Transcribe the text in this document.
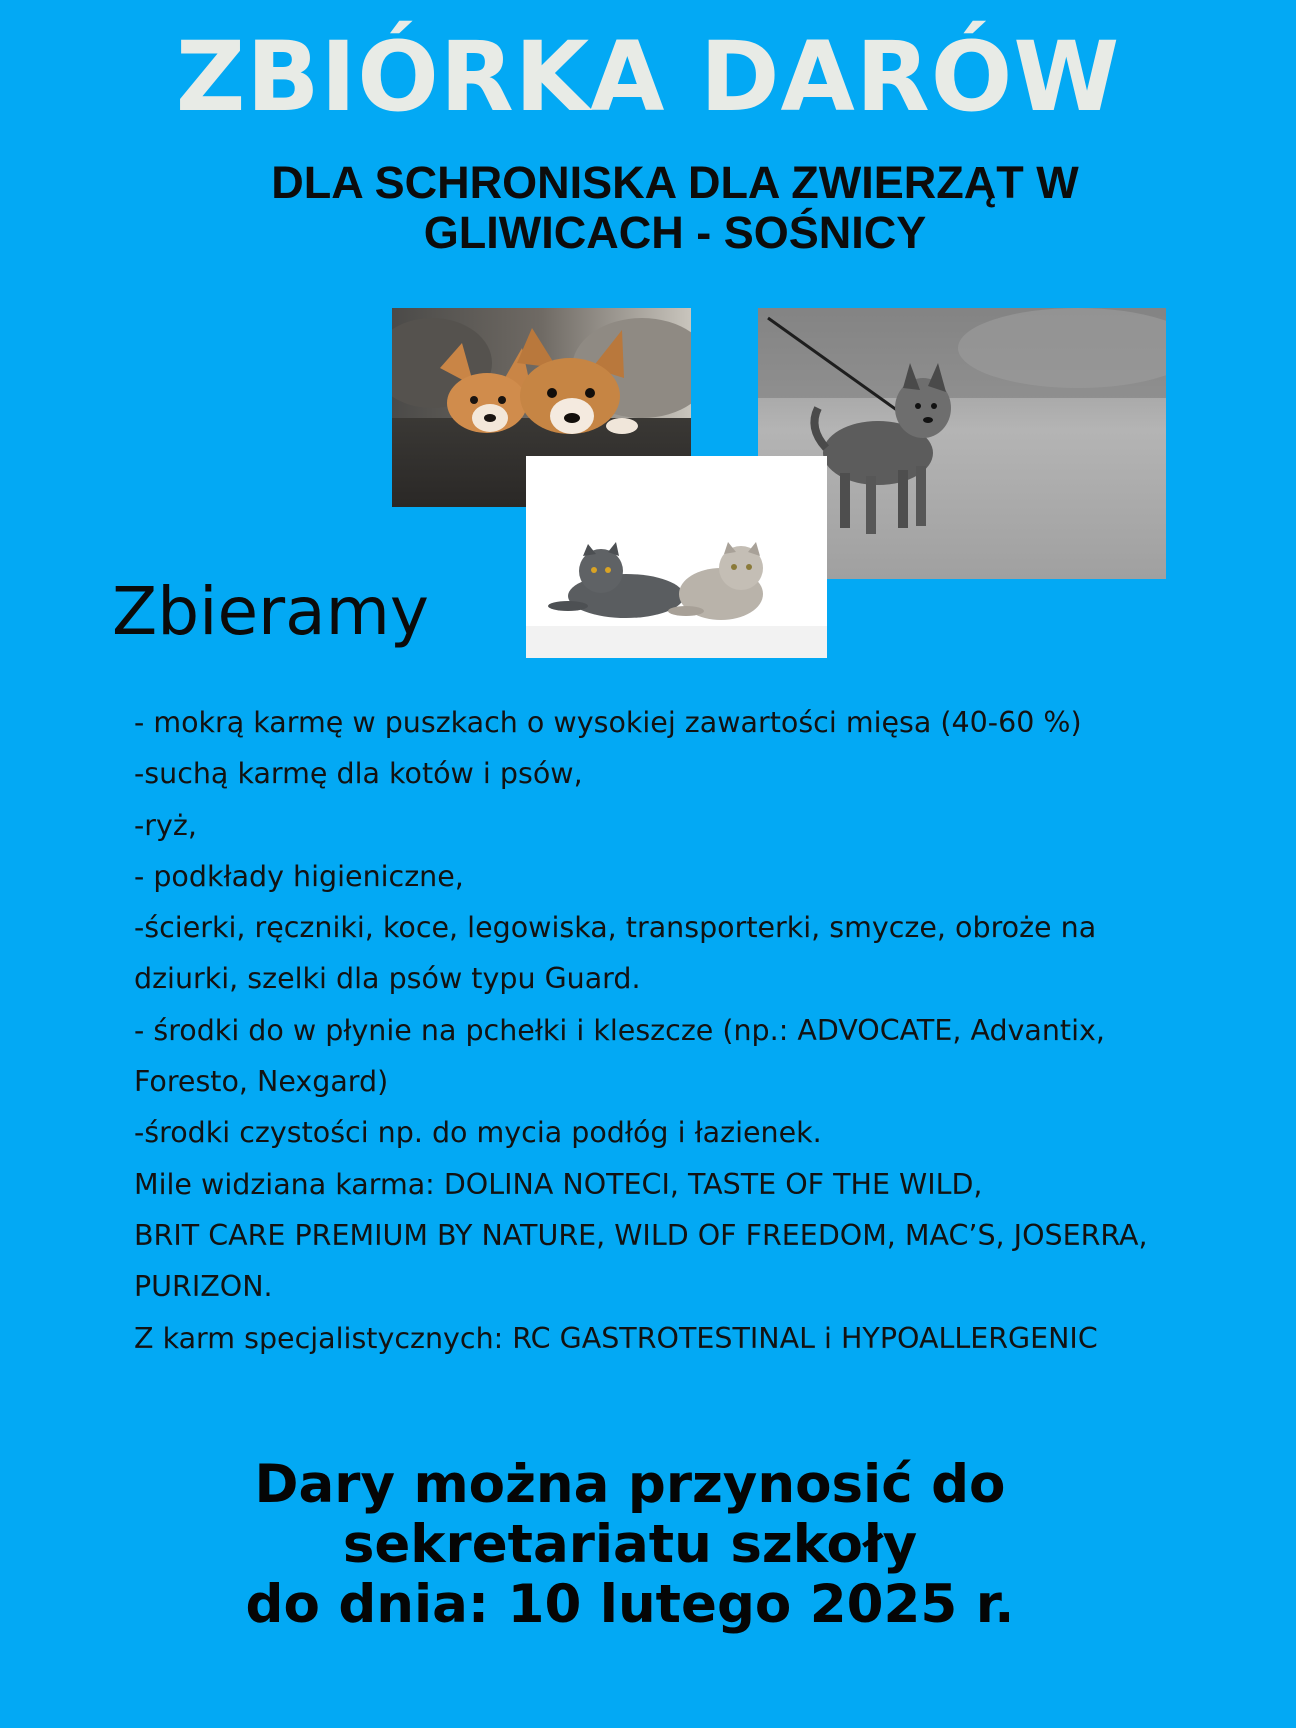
ZBIÓRKA DARÓW
DLA SCHRONISKA DLA ZWIERZĄT W
GLIWICACH - SOŚNICY
Zbieramy
- mokrą karmę w puszkach o wysokiej zawartości mięsa (40-60 %)
-suchą karmę dla kotów i psów,
-ryż,
- podkłady higieniczne,
-ścierki, ręczniki, koce, legowiska, transporterki, smycze, obroże na
dziurki, szelki dla psów typu Guard.
- środki do w płynie na pchełki i kleszcze (np.: ADVOCATE, Advantix,
Foresto, Nexgard)
-środki czystości np. do mycia podłóg i łazienek.
Mile widziana karma: DOLINA NOTECI, TASTE OF THE WILD,
BRIT CARE PREMIUM BY NATURE, WILD OF FREEDOM, MAC’S, JOSERRA,
PURIZON.
Z karm specjalistycznych: RC GASTROTESTINAL i HYPOALLERGENIC
Dary można przynosić do
sekretariatu szkoły
do dnia: 10 lutego 2025 r.
